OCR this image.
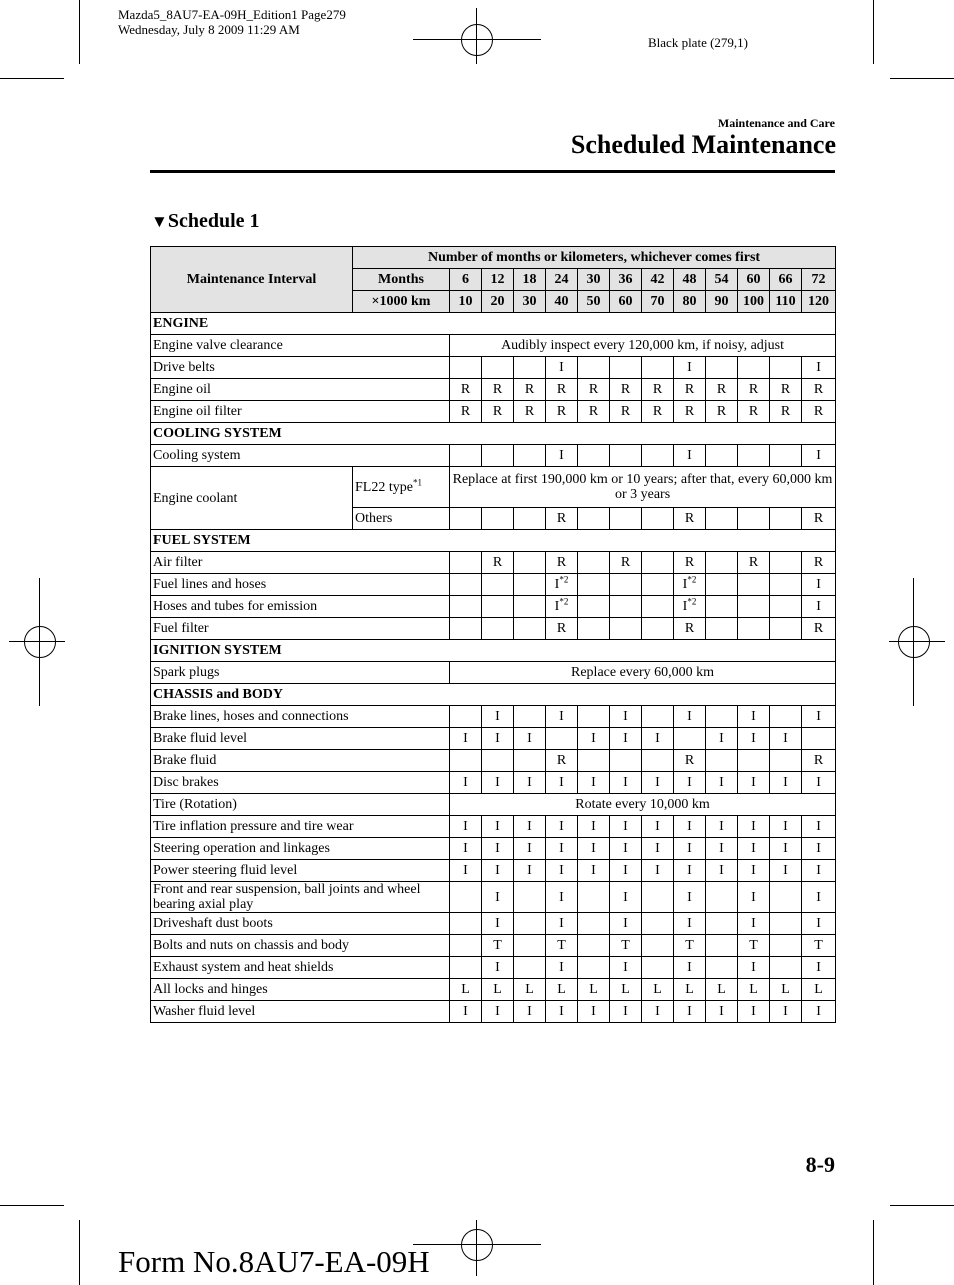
Mazda5_8AU7-EA-09H_Edition1 Page279
Wednesday, July 8 2009 11:29 AM
Black plate (279,1)
Maintenance and Care
Scheduled Maintenance
▼Schedule 1
Maintenance Interval	Number of months or kilometers, whichever comes first												
	Months	6	12	18	24	30	36	42	48	54	60	66	72
	×1000 km	10	20	30	40	50	60	70	80	90	100	110	120
ENGINE													
Engine valve clearance		Audibly inspect every 120,000 km, if noisy, adjust											
Drive belts					I				I				I
Engine oil		R	R	R	R	R	R	R	R	R	R	R	R
Engine oil filter		R	R	R	R	R	R	R	R	R	R	R	R
COOLING SYSTEM													
Cooling system					I				I				I
Engine coolant	FL22 type$^{*1}$	Replace at first 190,000 km or 10 years; after that, every 60,000 km or 3 years											
	Others				R				R				R
FUEL SYSTEM													
Air filter			R		R		R		R		R		R
Fuel lines and hoses					$I^{*2}$				$I^{*2}$				I
Hoses and tubes for emission					$I^{*2}$				$I^{*2}$				I
Fuel filter					R				R				R
IGNITION SYSTEM													
Spark plugs		Replace every 60,000 km											
CHASSIS and BODY													
Brake lines, hoses and connections			I		I		I		I		I		I
Brake fluid level		I	I	I		I	I	I		I	I	I	
Brake fluid					R				R				R
Disc brakes		I	I	I	I	I	I	I	I	I	I	I	I
Tire (Rotation)		Rotate every 10,000 km											
Tire inflation pressure and tire wear		I	I	I	I	I	I	I	I	I	I	I	I
Steering operation and linkages		I	I	I	I	I	I	I	I	I	I	I	I
Power steering fluid level		I	I	I	I	I	I	I	I	I	I	I	I
Front and rear suspension, ball joints and wheel bearing axial play			I		I		I		I		I		I
Driveshaft dust boots			I		I		I		I		I		I
Bolts and nuts on chassis and body			T		T		T		T		T		T
Exhaust system and heat shields			I		I		I		I		I		I
All locks and hinges		L	L	L	L	L	L	L	L	L	L	L	L
Washer fluid level		I	I	I	I	I	I	I	I	I	I	I	I
8-9
Form No.8AU7-EA-09H
